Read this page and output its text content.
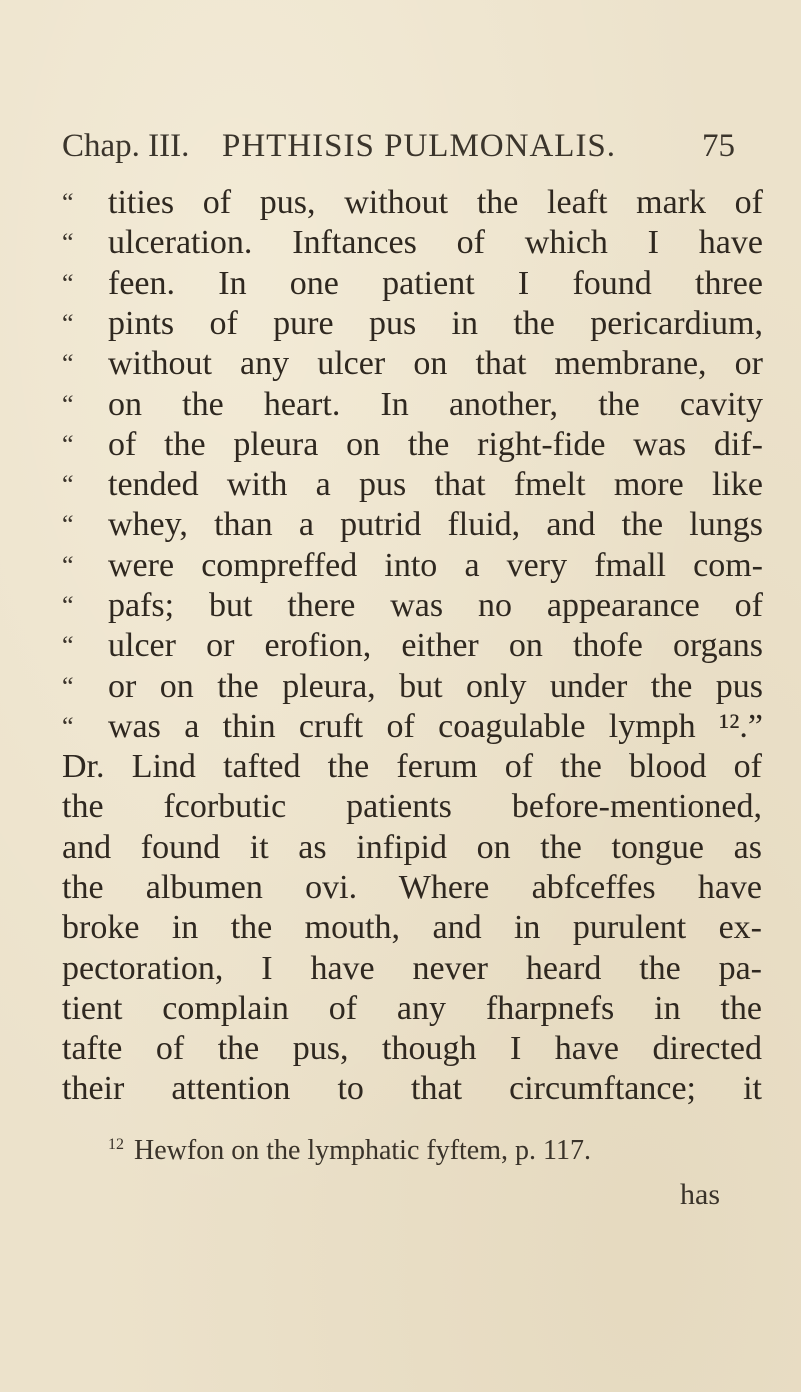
Chap. III. PHTHISIS PULMONALIS.	75
“ tities of pus, without the leaft mark of
“ ulceration. Inftances of which I have
“ feen. In one patient I found three
“ pints of pure pus in the pericardium,
“ without any ulcer on that membrane, or
“ on the heart. In another, the cavity
“ of the pleura on the right-fide was dif-
“ tended with a pus that fmelt more like
“ whey, than a putrid fluid, and the lungs
“ were compreffed into a very fmall com-
“ pafs; but there was no appearance of
“ ulcer or erofion, either on thofe organs
“ or on the pleura, but only under the pus
“ was a thin cruft of coagulable lymph ¹².”
Dr. Lind tafted the ferum of the blood of
the fcorbutic patients before-mentioned,
and found it as infipid on the tongue as
the albumen ovi. Where abfceffes have
broke in the mouth, and in purulent ex-
pectoration, I have never heard the pa-
tient complain of any fharpnefs in the
tafte of the pus, though I have directed
their attention to that circumftance; it
$^{12}$ Hewfon on the lymphatic fyftem, p. 117.
has
